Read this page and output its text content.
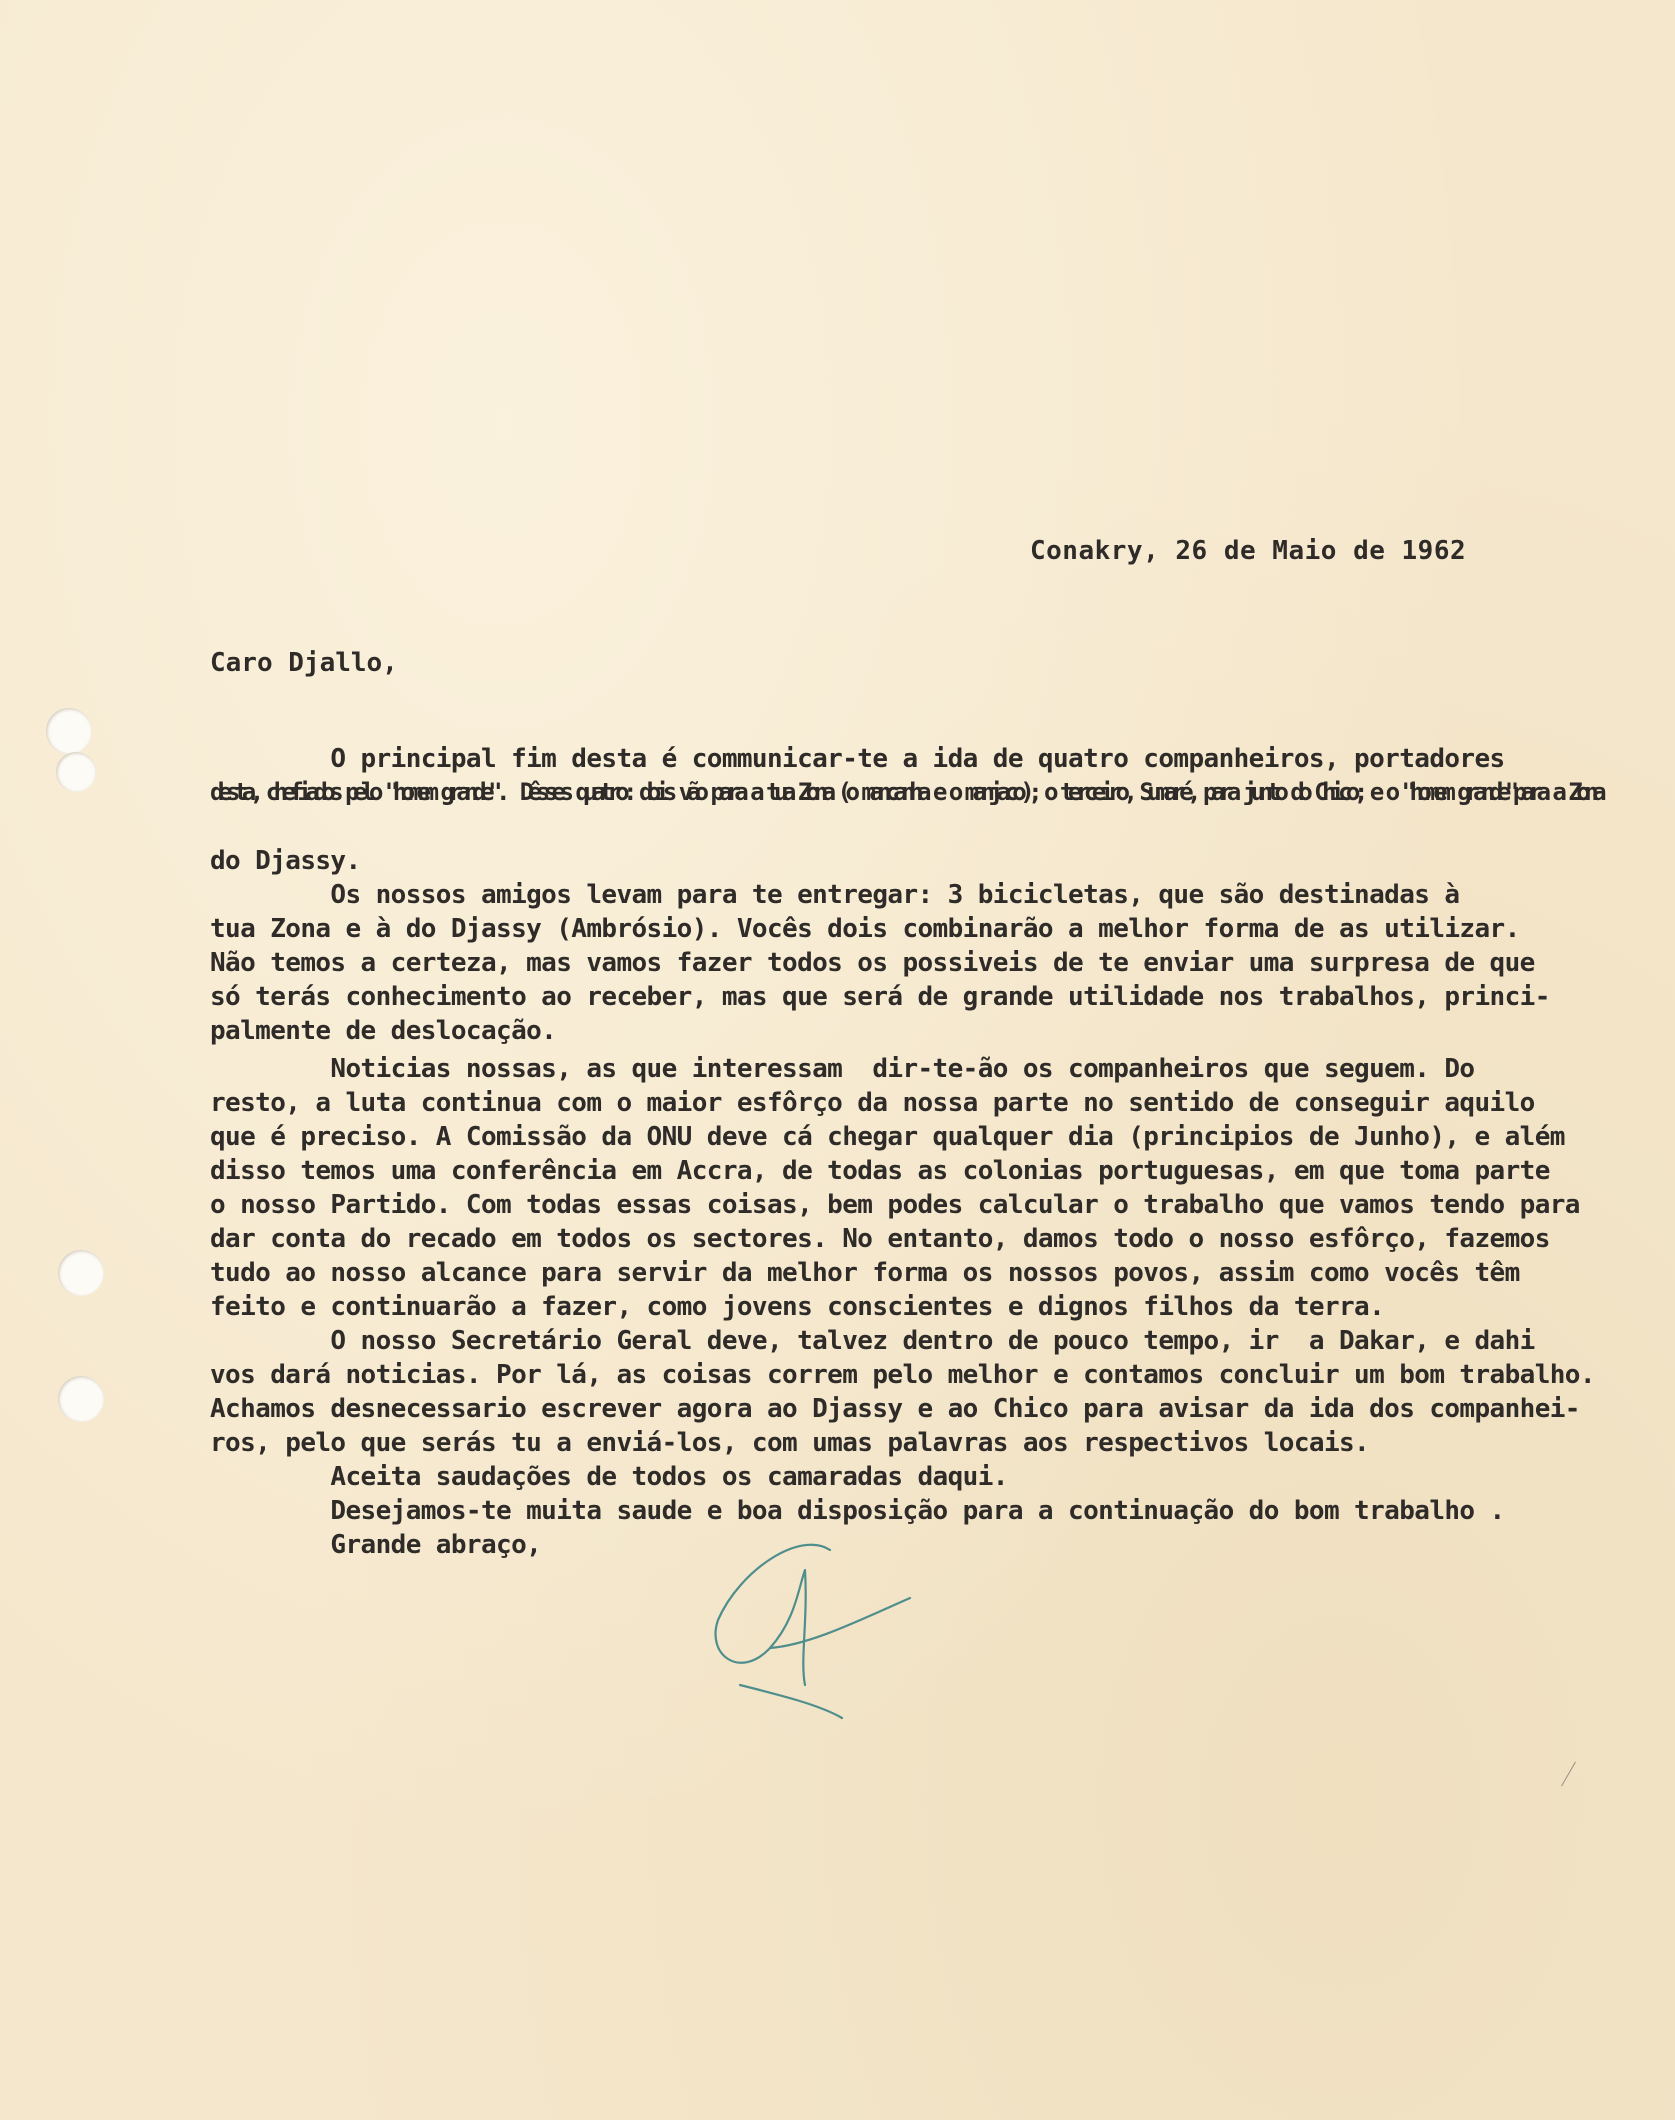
Conakry, 26 de Maio de 1962
Caro Djallo,
O principal fim desta é communicar-te a ida de quatro companheiros, portadores
desta, chefiados pelo "homem grande".  Dêsses quatro: dois vão para a tua Zona (o mancanha e o manjaco); o terceiro, Sumaré, para junto do Chico; e o "homem grande"para a Zona
do Djassy.
Os nossos amigos levam para te entregar: 3 bicicletas, que são destinadas à
tua Zona e à do Djassy (Ambrósio). Vocês dois combinarão a melhor forma de as utilizar.
Não temos a certeza, mas vamos fazer todos os possiveis de te enviar uma surpresa de que
só terás conhecimento ao receber, mas que será de grande utilidade nos trabalhos, princi-
palmente de deslocação.
Noticias nossas, as que interessam  dir-te-ão os companheiros que seguem. Do
resto, a luta continua com o maior esfôrço da nossa parte no sentido de conseguir aquilo
que é preciso. A Comissão da ONU deve cá chegar qualquer dia (principios de Junho), e além
disso temos uma conferência em Accra, de todas as colonias portuguesas, em que toma parte
o nosso Partido. Com todas essas coisas, bem podes calcular o trabalho que vamos tendo para
dar conta do recado em todos os sectores. No entanto, damos todo o nosso esfôrço, fazemos
tudo ao nosso alcance para servir da melhor forma os nossos povos, assim como vocês têm
feito e continuarão a fazer, como jovens conscientes e dignos filhos da terra.
O nosso Secretário Geral deve, talvez dentro de pouco tempo, ir  a Dakar, e dahi
vos dará noticias. Por lá, as coisas correm pelo melhor e contamos concluir um bom trabalho.
Achamos desnecessario escrever agora ao Djassy e ao Chico para avisar da ida dos companhei-
ros, pelo que serás tu a enviá-los, com umas palavras aos respectivos locais.
Aceita saudações de todos os camaradas daqui.
Desejamos-te muita saude e boa disposição para a continuação do bom trabalho .
Grande abraço,
